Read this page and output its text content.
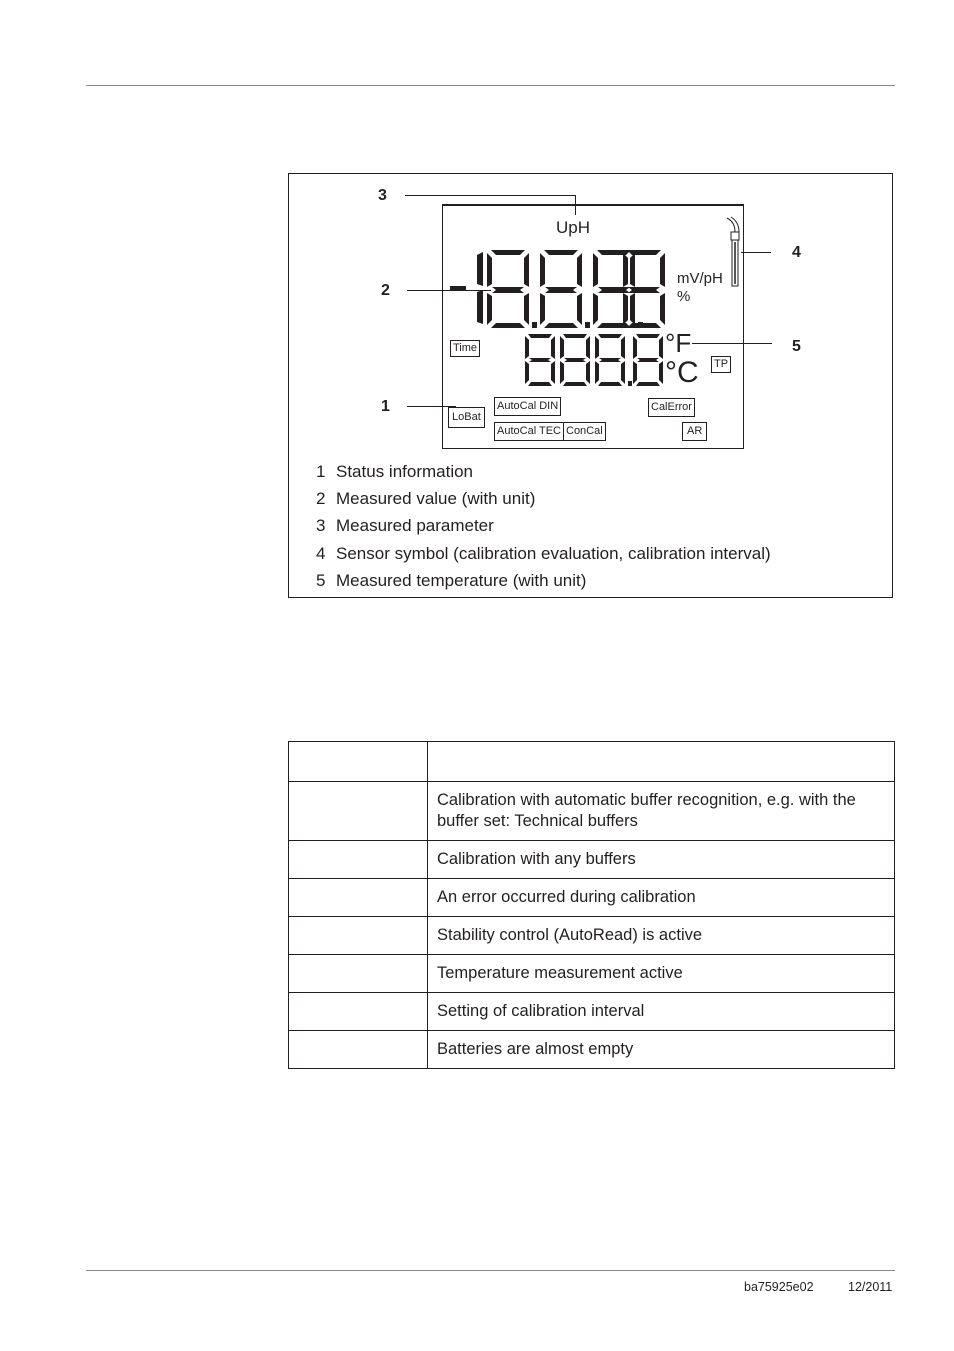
UpH
mV/pH
%
°F
°C
Time
TP
LoBat
AutoCal DIN
AutoCal TEC ConCal
CalError
AR
3
2
1
4
5
1 Status information
2 Measured value (with unit)
3 Measured parameter
4 Sensor symbol (calibration evaluation, calibration interval)
5 Measured temperature (with unit)

	Calibration with automatic buffer recognition, e.g. with the buffer set: Technical buffers
	Calibration with any buffers
	An error occurred during calibration
	Stability control (AutoRead) is active
	Temperature measurement active
	Setting of calibration interval
	Batteries are almost empty
ba75925e02	12/2011
